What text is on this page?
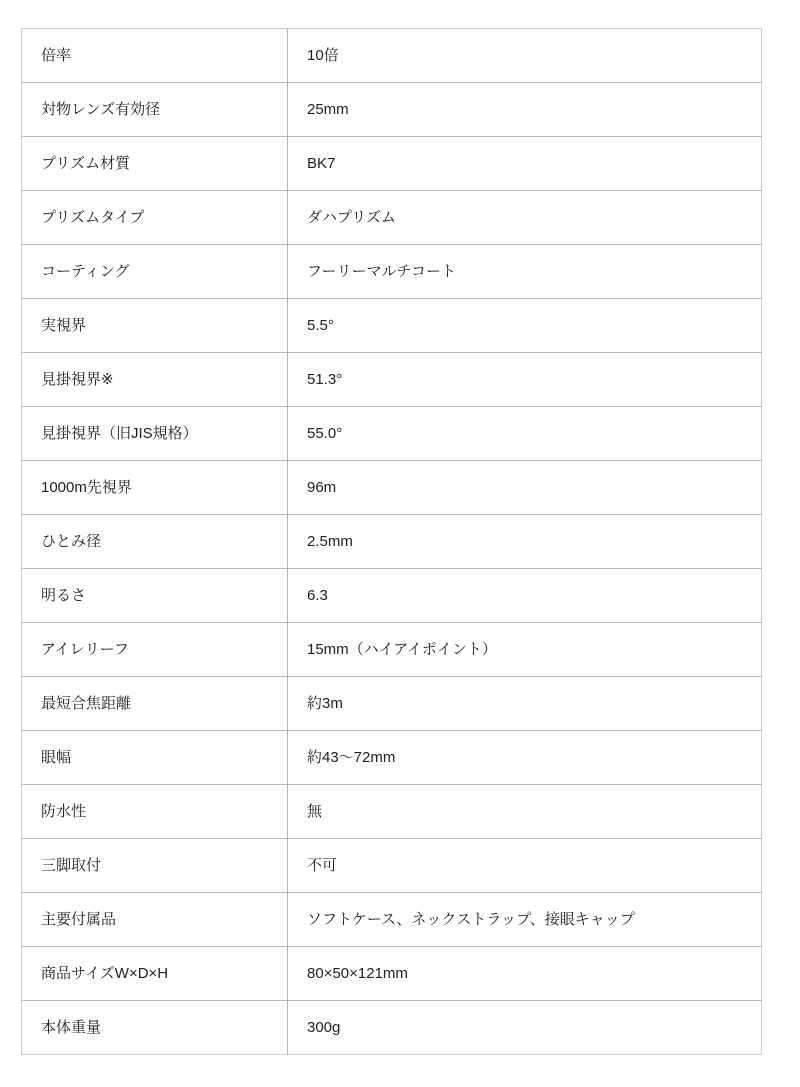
倍率	10倍
対物レンズ有効径	25mm
プリズム材質	BK7
プリズムタイプ	ダハプリズム
コーティング	フーリーマルチコート
実視界	5.5°
見掛視界※	51.3°
見掛視界（旧JIS規格）	55.0°
1000m先視界	96m
ひとみ径	2.5mm
明るさ	6.3
アイレリーフ	15mm（ハイアイポイント）
最短合焦距離	約3m
眼幅	約43〜72mm
防水性	無
三脚取付	不可
主要付属品	ソフトケース、ネックストラップ、接眼キャップ
商品サイズW×D×H	80×50×121mm
本体重量	300g
